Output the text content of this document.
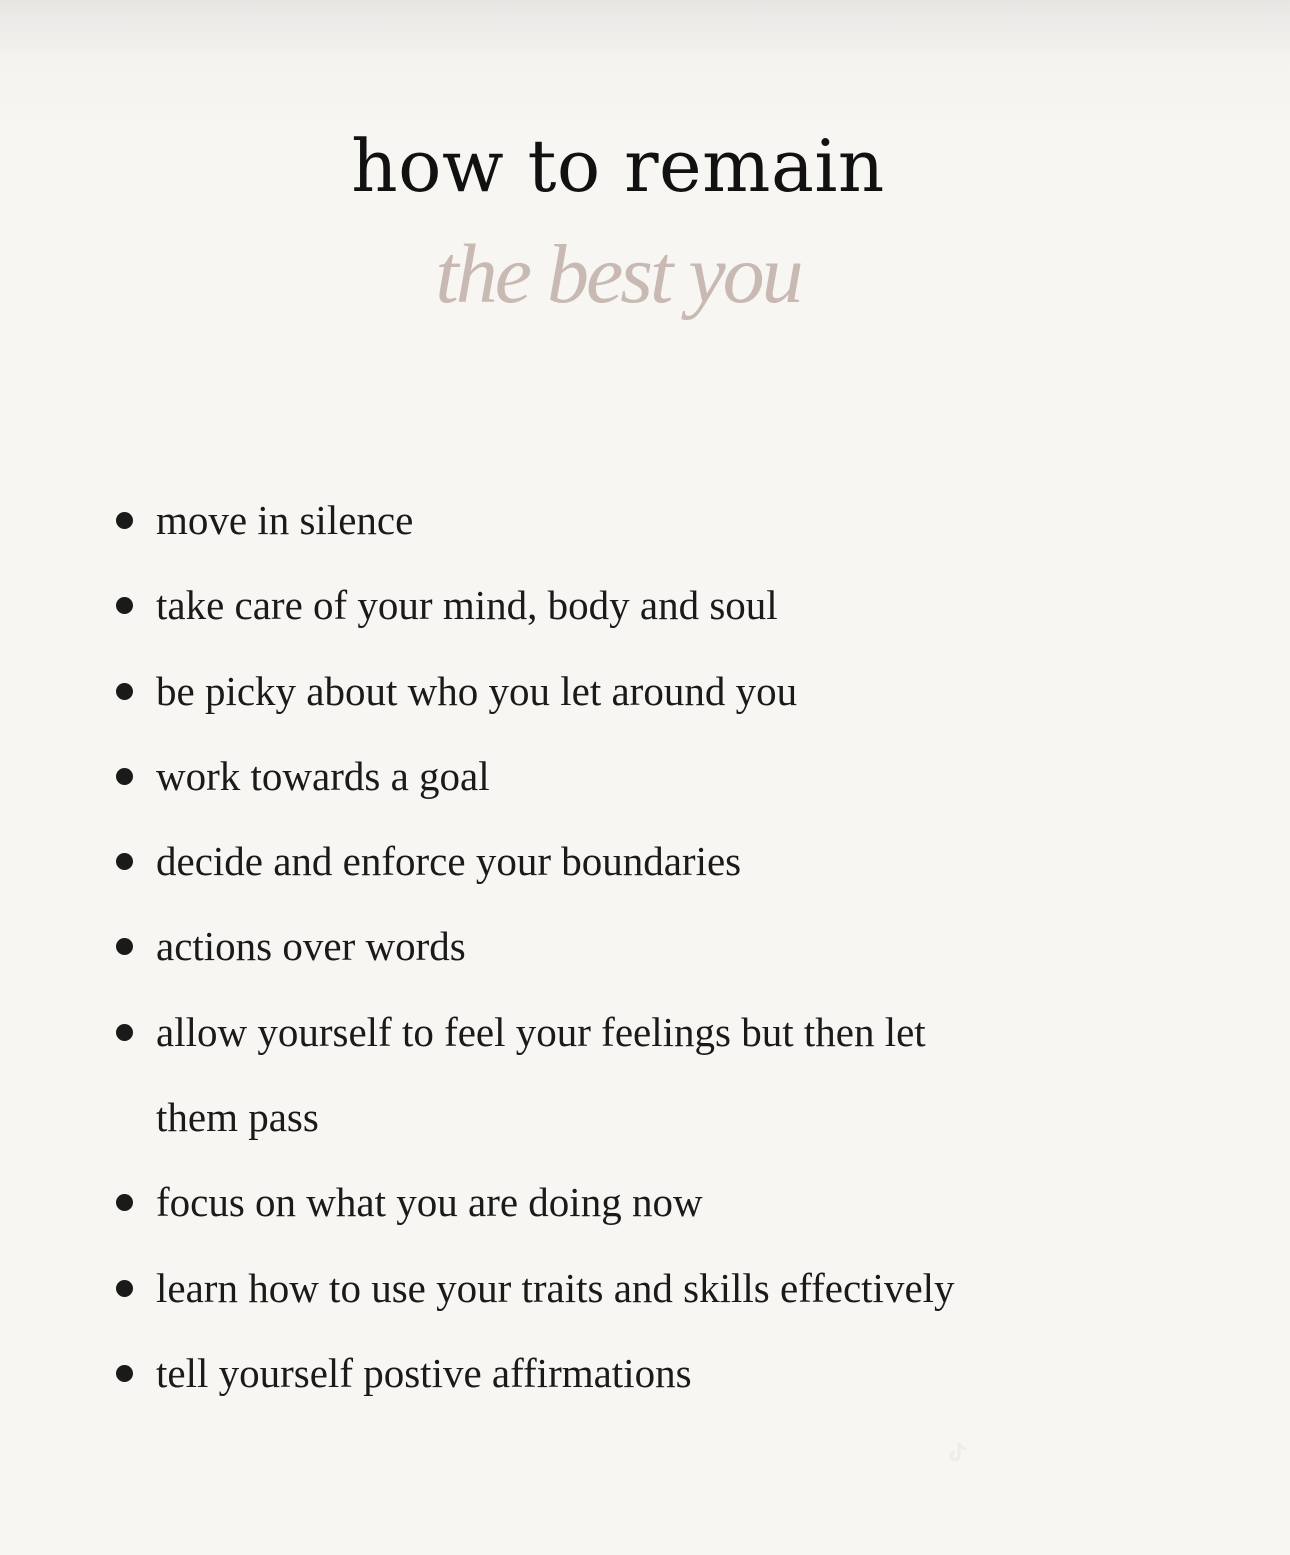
how to remain
the best you
move in silence
take care of your mind, body and soul
be picky about who you let around you
work towards a goal
decide and enforce your boundaries
actions over words
allow yourself to feel your feelings but then let
them pass
focus on what you are doing now
learn how to use your traits and skills effectively
tell yourself postive affirmations
